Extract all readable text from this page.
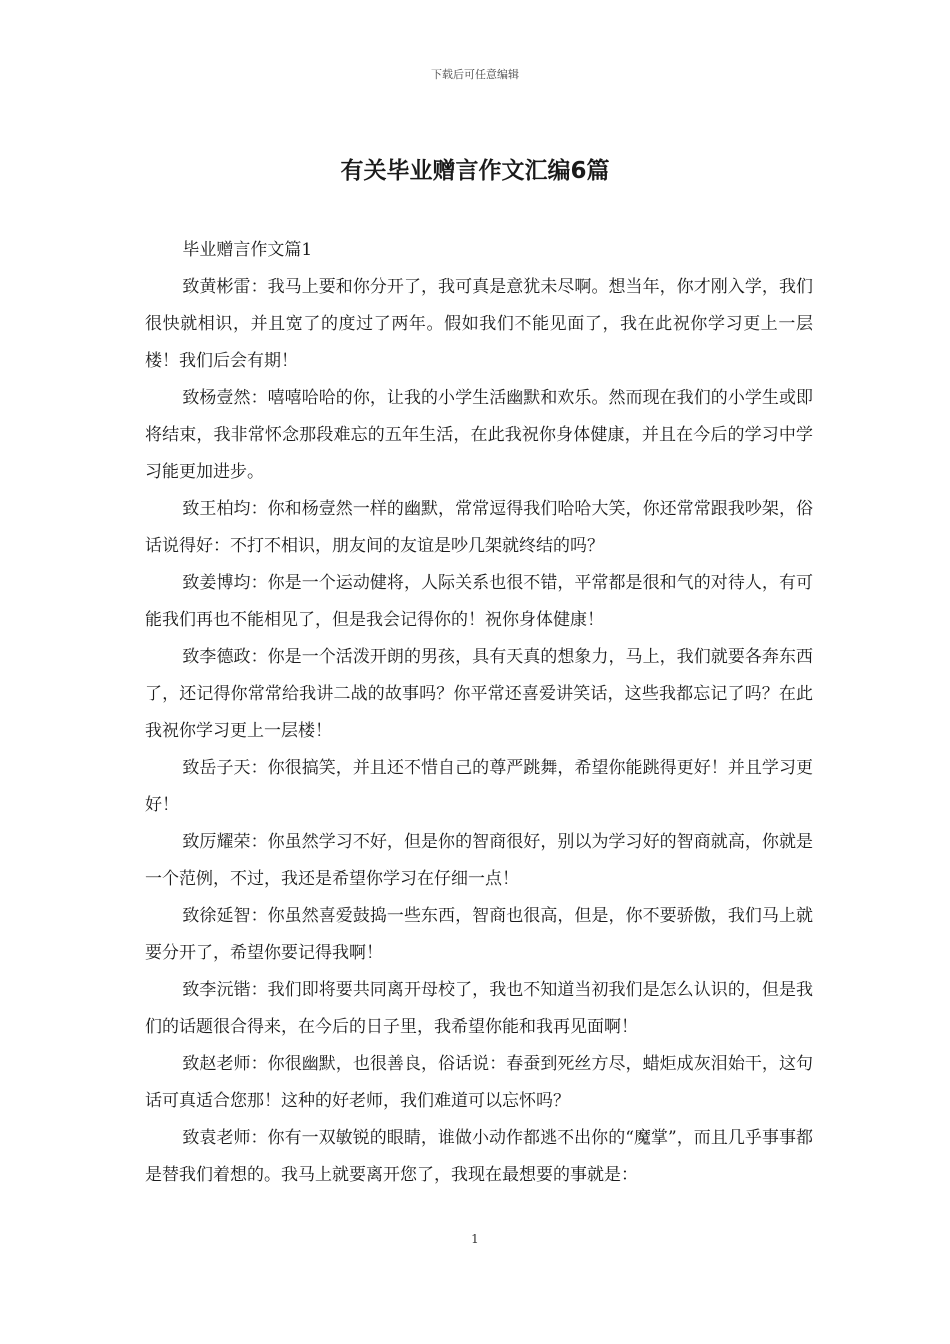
下载后可任意编辑
有关毕业赠言作文汇编6篇

毕业赠言作文篇1

致黄彬雷：我马上要和你分开了，我可真是意犹未尽啊。想当年，你才刚入学，我们很快就相识，并且宽了的度过了两年。假如我们不能见面了，我在此祝你学习更上一层楼！我们后会有期！

致杨壹然：嘻嘻哈哈的你，让我的小学生活幽默和欢乐。然而现在我们的小学生或即将结束，我非常怀念那段难忘的五年生活，在此我祝你身体健康，并且在今后的学习中学习能更加进步。

致王柏均：你和杨壹然一样的幽默，常常逗得我们哈哈大笑，你还常常跟我吵架，俗话说得好：不打不相识，朋友间的友谊是吵几架就终结的吗？

致姜博均：你是一个运动健将，人际关系也很不错，平常都是很和气的对待人，有可能我们再也不能相见了，但是我会记得你的！祝你身体健康！

致李德政：你是一个活泼开朗的男孩，具有天真的想象力，马上，我们就要各奔东西了，还记得你常常给我讲二战的故事吗？你平常还喜爱讲笑话，这些我都忘记了吗？在此我祝你学习更上一层楼！

致岳子天：你很搞笑，并且还不惜自己的尊严跳舞，希望你能跳得更好！并且学习更好！

致厉耀荣：你虽然学习不好，但是你的智商很好，别以为学习好的智商就高，你就是一个范例，不过，我还是希望你学习在仔细一点！

致徐延智：你虽然喜爱鼓捣一些东西，智商也很高，但是，你不要骄傲，我们马上就要分开了，希望你要记得我啊！

致李沅锴：我们即将要共同离开母校了，我也不知道当初我们是怎么认识的，但是我们的话题很合得来，在今后的日子里，我希望你能和我再见面啊！

致赵老师：你很幽默，也很善良，俗话说：春蚕到死丝方尽，蜡炬成灰泪始干，这句话可真适合您那！这种的好老师，我们难道可以忘怀吗？

致袁老师：你有一双敏锐的眼睛，谁做小动作都逃不出你的“魔掌”，而且几乎事事都是替我们着想的。我马上就要离开您了，我现在最想要的事就是：

1
